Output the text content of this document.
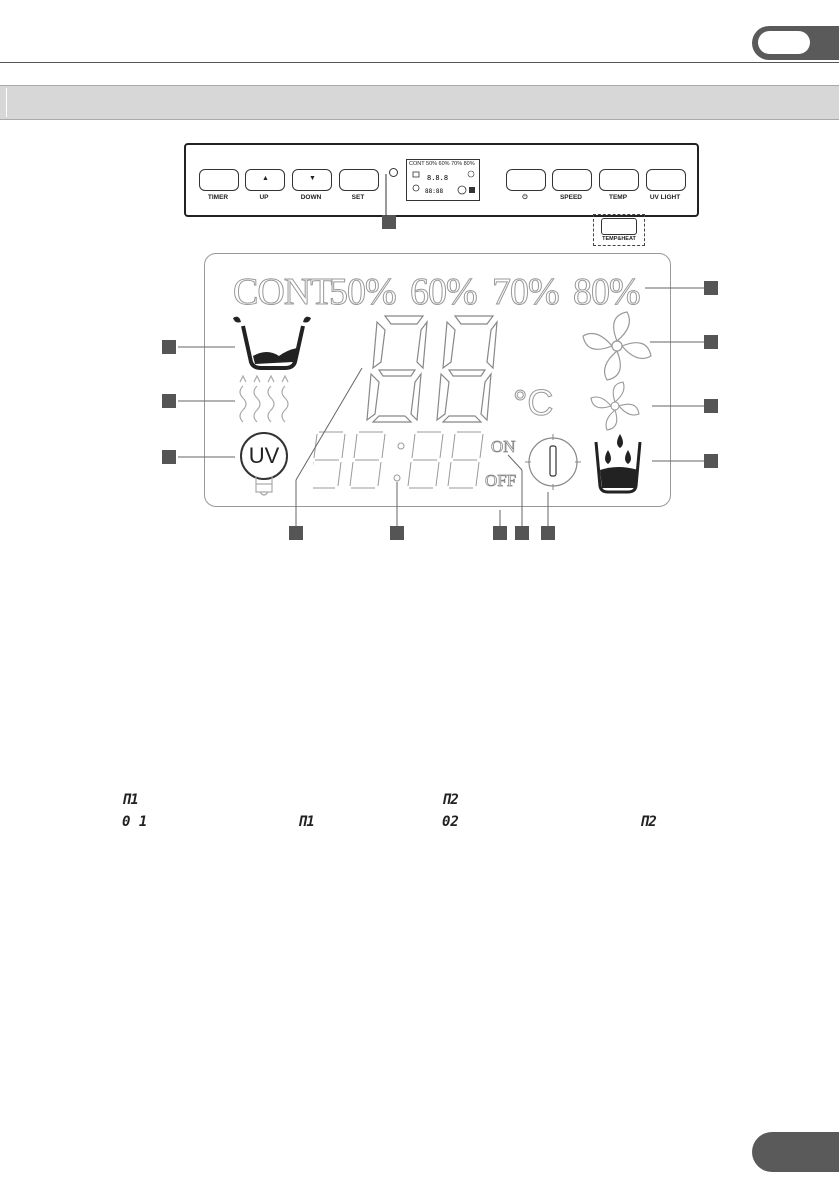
TIMER
▲
UP
▼
DOWN	SET
CONT 50% 60% 70% 80%
8.8.8
88:88
⏻	SPEED	TEMP	UV LIGHT
TEMP&HEAT
CONT
50% 60% 70% 80%
°C
ON
OFF
UV
Π1	Π2
0 1	Π1	02	Π2
